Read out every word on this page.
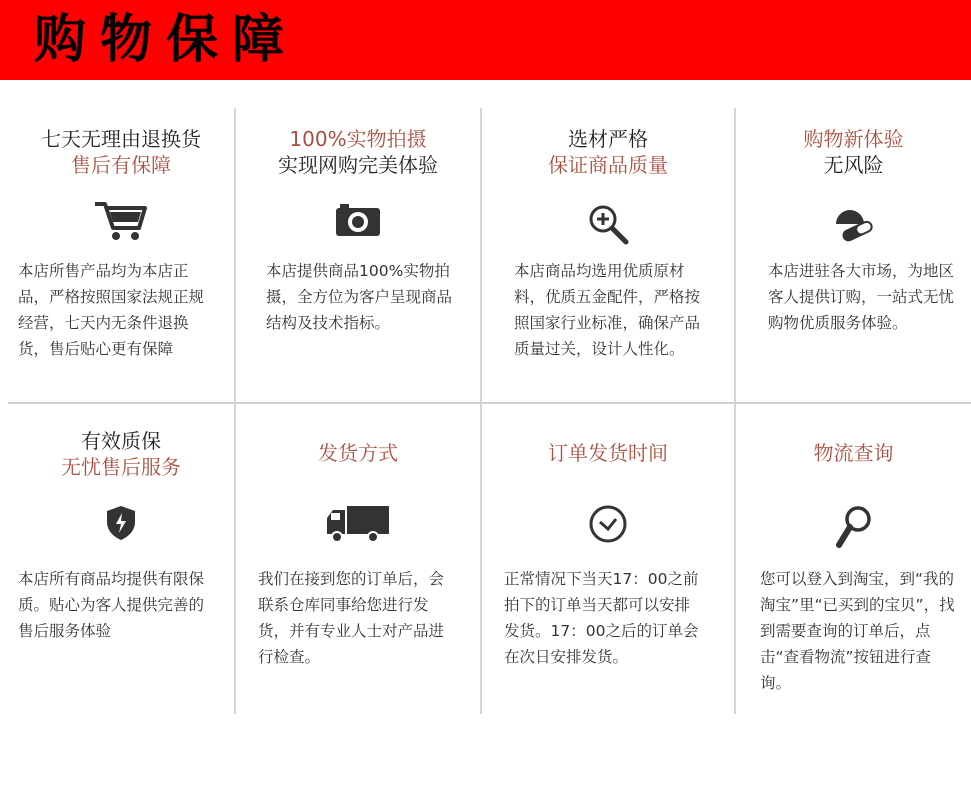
购物保障
七天无理由退换货
售后有保障
本店所售产品均为本店正品，严格按照国家法规正规经营，七天内无条件退换货，售后贴心更有保障
100%实物拍摄
实现网购完美体验
本店提供商品100%实物拍摄，全方位为客户呈现商品结构及技术指标。
选材严格
保证商品质量
本店商品均选用优质原材料，优质五金配件，严格按照国家行业标准，确保产品质量过关，设计人性化。
购物新体验
无风险
本店进驻各大市场，为地区客人提供订购，一站式无忧购物优质服务体验。
有效质保
无忧售后服务
本店所有商品均提供有限保质。贴心为客人提供完善的售后服务体验
发货方式
我们在接到您的订单后，会联系仓库同事给您进行发货，并有专业人士对产品进行检查。
订单发货时间
正常情况下当天17：00之前拍下的订单当天都可以安排发货。17：00之后的订单会在次日安排发货。
物流查询
您可以登入到淘宝，到“我的淘宝”里“已买到的宝贝”，找到需要查询的订单后，点击“查看物流”按钮进行查询。
